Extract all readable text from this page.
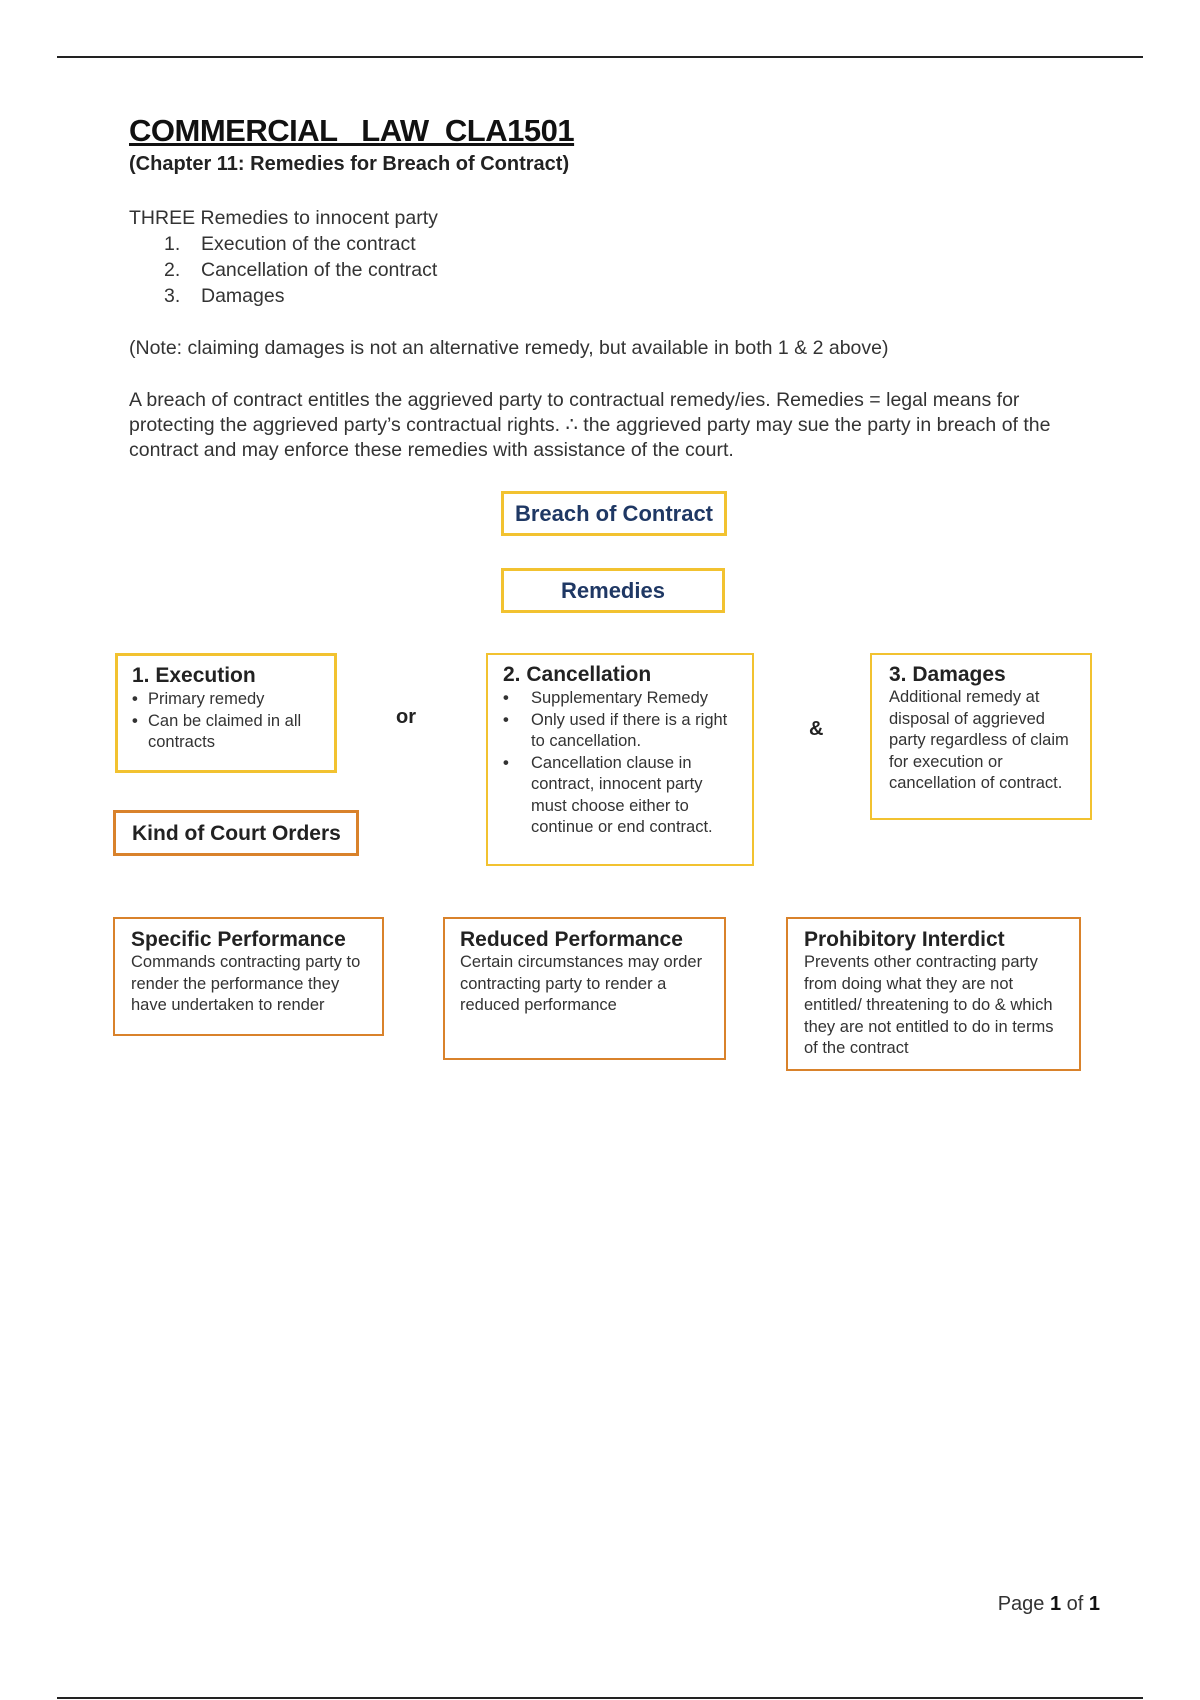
COMMERCIAL   LAW  CLA1501

(Chapter 11: Remedies for Breach of Contract)

THREE Remedies to innocent party

1. Execution of the contract
2. Cancellation of the contract
3. Damages

(Note: claiming damages is not an alternative remedy, but available in both 1 & 2 above)

A breach of contract entitles the aggrieved party to contractual remedy/ies. Remedies = legal means for protecting the aggrieved party’s contractual rights. ∴ the aggrieved party may sue the party in breach of the contract and may enforce these remedies with assistance of the court.

Breach of Contract
Remedies

1. Execution

• Primary remedy
• Can be claimed in all contracts
or

2. Cancellation

• Supplementary Remedy
• Only used if there is a right to cancellation.
• Cancellation clause in contract, innocent party must choose either to continue or end contract.
&

3. Damages

Additional remedy at disposal of aggrieved party regardless of claim for execution or cancellation of contract.

Kind of Court Orders

Specific Performance

Commands contracting party to render the performance they have undertaken to render

Reduced Performance

Certain circumstances may order contracting party to render a reduced performance

Prohibitory Interdict

Prevents other contracting party from doing what they are not entitled/ threatening to do & which they are not entitled to do in terms of the contract

Page 1 of 1
